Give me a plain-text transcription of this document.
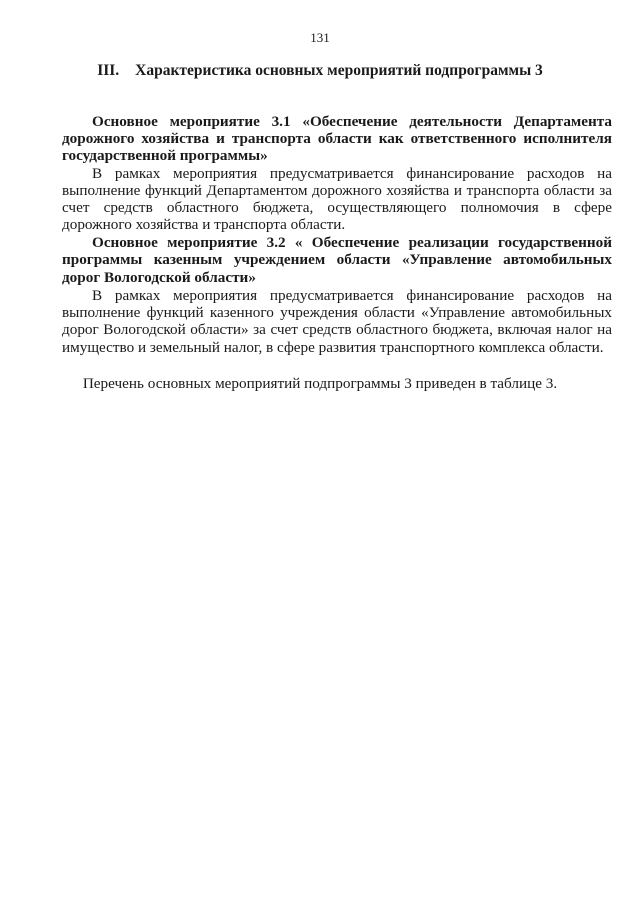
131
III. Характеристика основных мероприятий подпрограммы 3
Основное мероприятие 3.1 «Обеспечение деятельности Департамента
дорожного хозяйства и транспорта области как ответственного исполнителя
государственной программы»
В рамках мероприятия предусматривается финансирование расходов на
выполнение функций Департаментом дорожного хозяйства и транспорта области за
счет средств областного бюджета, осуществляющего полномочия в сфере
дорожного хозяйства и транспорта области.
Основное мероприятие 3.2 « Обеспечение реализации государственной
программы казенным учреждением области «Управление автомобильных
дорог Вологодской области»
В рамках мероприятия предусматривается финансирование расходов на
выполнение функций казенного учреждения области «Управление автомобильных
дорог Вологодской области» за счет средств областного бюджета, включая налог на
имущество и земельный налог, в сфере развития транспортного комплекса области.
Перечень основных мероприятий подпрограммы 3 приведен в таблице 3.
